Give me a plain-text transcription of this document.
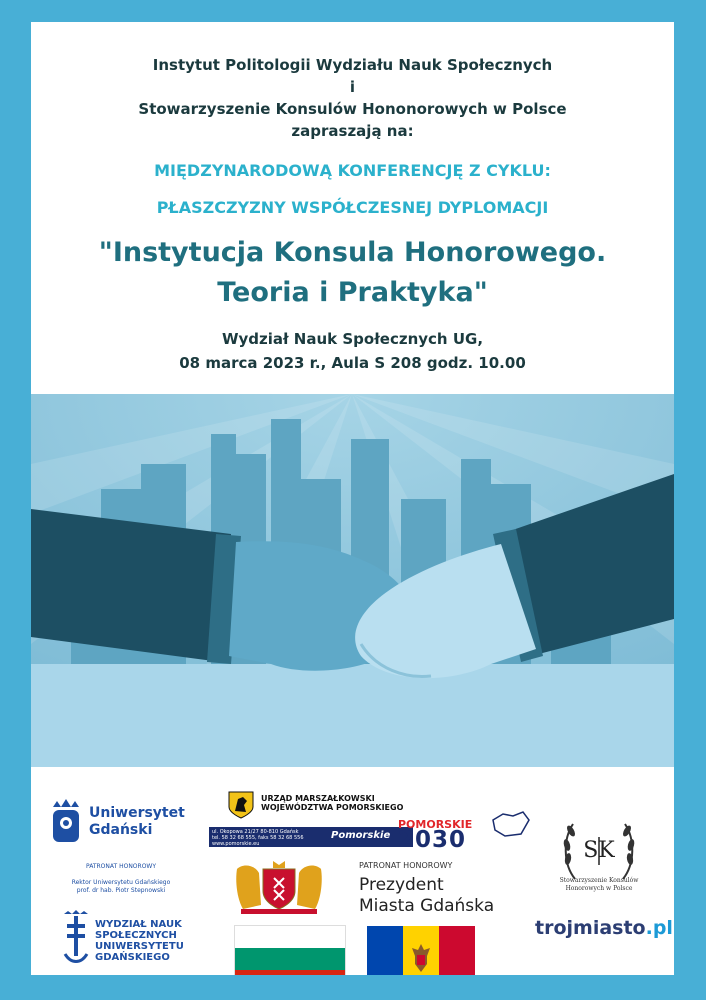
Instytut Politologii Wydziału Nauk Społecznych
i
Stowarzyszenie Konsulów Hononorowych w Polsce
zapraszają na:
MIĘDZYNARODOWĄ KONFERENCJĘ Z CYKLU:
PŁASZCZYZNY WSPÓŁCZESNEJ DYPLOMACJI
"Instytucja Konsula Honorowego.
Teoria i Praktyka"
Wydział Nauk Społecznych UG,
08 marca 2023 r., Aula S 208 godz. 10.00
Uniwersytet
Gdański
PATRONAT HONOROWY
Rektor Uniwersytetu Gdańskiego
prof. dr hab. Piotr Stepnowski
URZĄD MARSZAŁKOWSKI
WOJEWÓDZTWA POMORSKIEGO
ul. Okopowa 21/27 80-810 Gdańsk
tel. 58 32 68 555, faks 58 32 68 556
www.pomorskie.eu
Pomorskie
POMORSKIE
2030	SK
Stowarzyszenie Konsulów
Honorowych w Polsce
PATRONAT HONOROWY
Prezydent
Miasta Gdańska
WYDZIAŁ NAUK
SPOŁECZNYCH
UNIWERSYTETU
GDAŃSKIEGO
trojmiasto.pl
